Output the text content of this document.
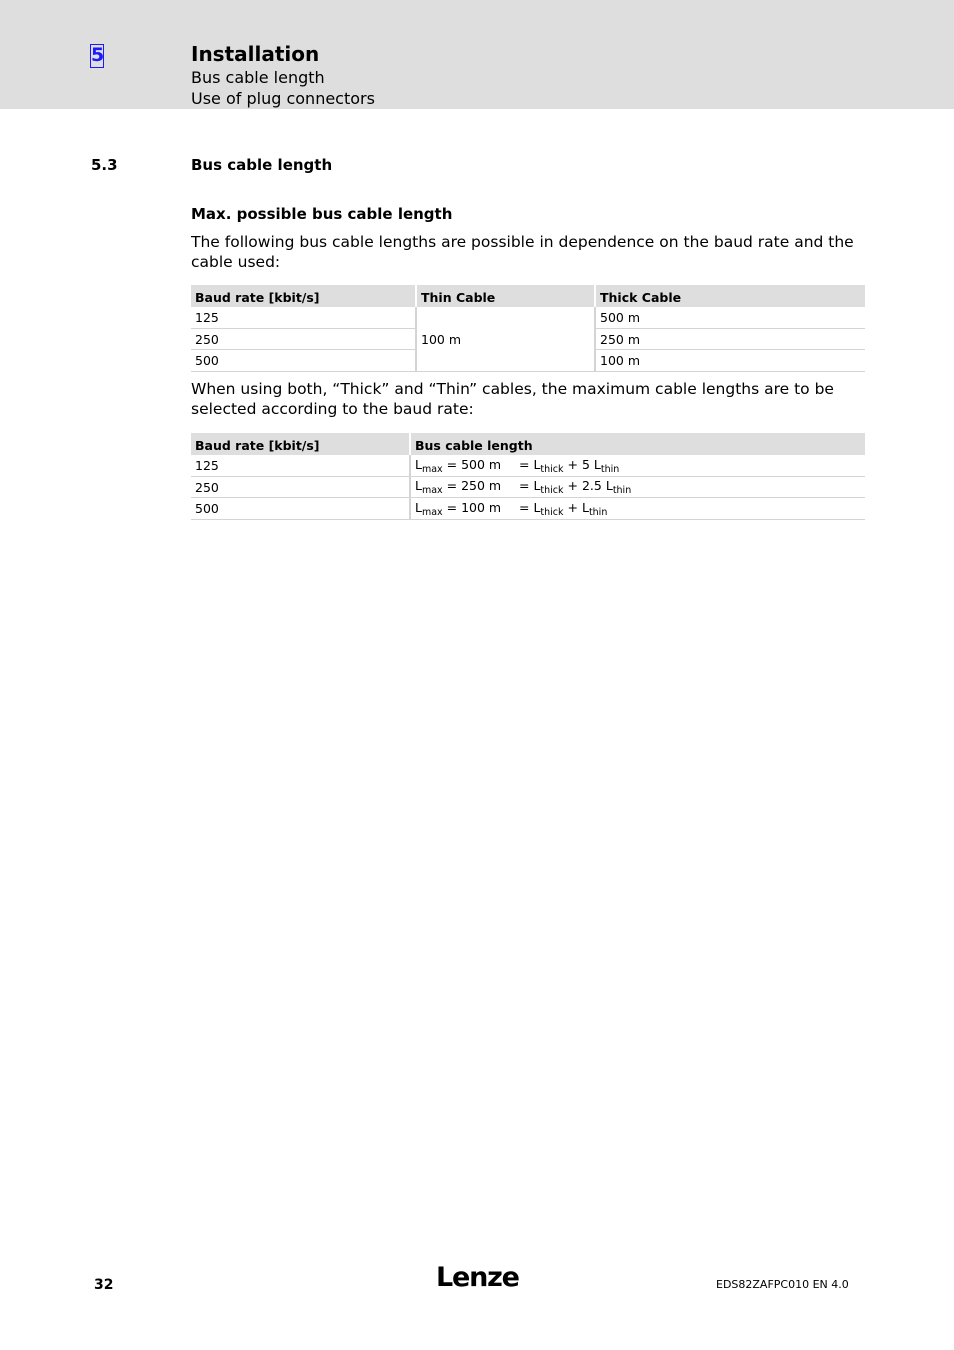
5	Installation
Bus cable length
Use of plug connectors
5.3	Bus cable length
Max. possible bus cable length
The following bus cable lengths are possible in dependence on the baud rate and the cable used:
Baud rate [kbit/s]	Thin Cable	Thick Cable
125	100 m	500 m
250		250 m
500		100 m
When using both, “Thick” and “Thin” cables, the maximum cable lengths are to be selected according to the baud rate:
Baud rate [kbit/s]	Bus cable length
125	$L_{max} = 500$ $m = L_{thick} + 5$ $L_{thin}$
250	$L_{max} = 250$ $m = L_{thick} + 2.5$ $L_{thin}$
500	$L_{max} = 100$ $m = L_{thick} + L_{thin}$
32	Lenze	EDS82ZAFPC010 EN 4.0
